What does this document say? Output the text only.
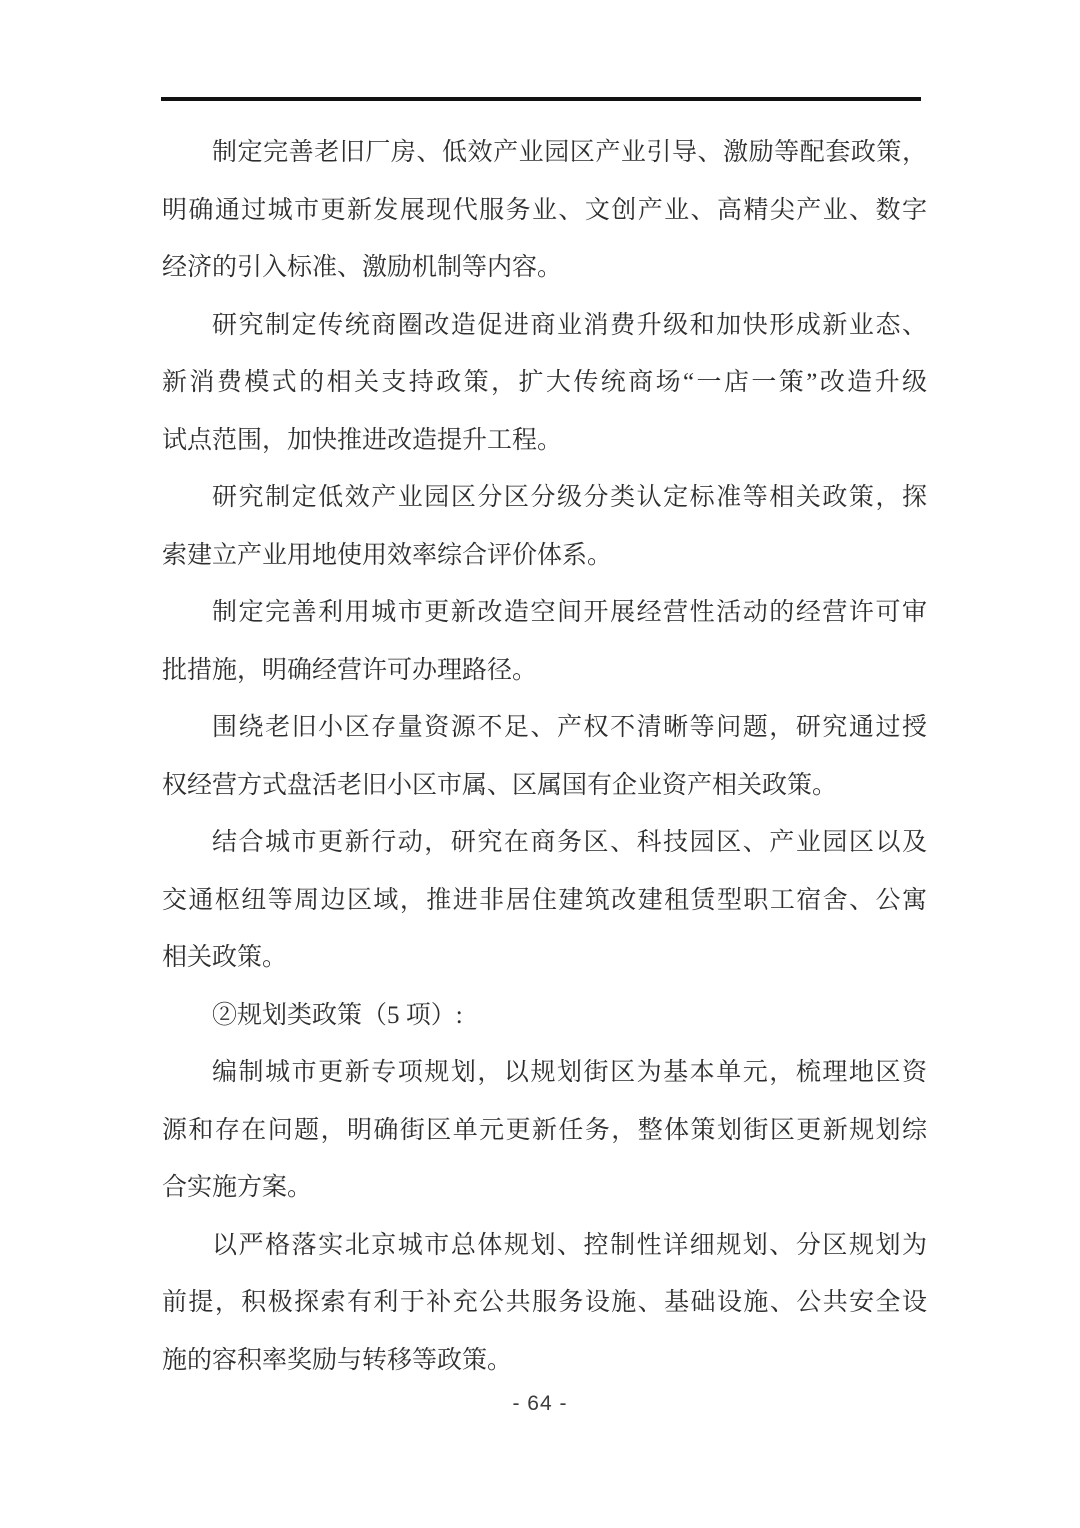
制定完善老旧厂房、低效产业园区产业引导、激励等配套政策，
明确通过城市更新发展现代服务业、文创产业、高精尖产业、数字
经济的引入标准、激励机制等内容。
研究制定传统商圈改造促进商业消费升级和加快形成新业态、
新消费模式的相关支持政策，扩大传统商场“一店一策”改造升级
试点范围，加快推进改造提升工程。
研究制定低效产业园区分区分级分类认定标准等相关政策，探
索建立产业用地使用效率综合评价体系。
制定完善利用城市更新改造空间开展经营性活动的经营许可审
批措施，明确经营许可办理路径。
围绕老旧小区存量资源不足、产权不清晰等问题，研究通过授
权经营方式盘活老旧小区市属、区属国有企业资产相关政策。
结合城市更新行动，研究在商务区、科技园区、产业园区以及
交通枢纽等周边区域，推进非居住建筑改建租赁型职工宿舍、公寓
相关政策。
②规划类政策（5 项）:
编制城市更新专项规划，以规划街区为基本单元，梳理地区资
源和存在问题，明确街区单元更新任务，整体策划街区更新规划综
合实施方案。
以严格落实北京城市总体规划、控制性详细规划、分区规划为
前提，积极探索有利于补充公共服务设施、基础设施、公共安全设
施的容积率奖励与转移等政策。
- 64 -
